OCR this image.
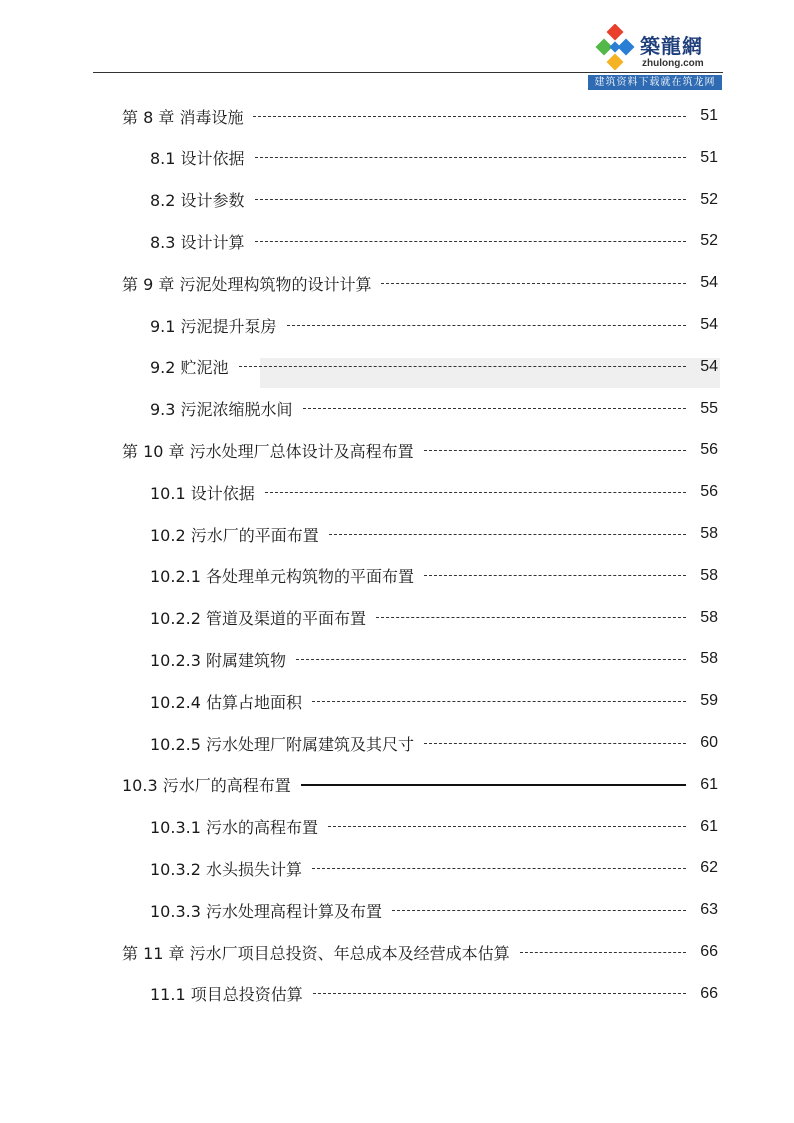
築龍網
zhulong.com
建筑资料下载就在筑龙网
第 8 章 消毒设施	51
8.1 设计依据	51
8.2 设计参数	52
8.3 设计计算	52
第 9 章 污泥处理构筑物的设计计算	54
9.1 污泥提升泵房	54
9.2 贮泥池	54
9.3 污泥浓缩脱水间	55
第 10 章 污水处理厂总体设计及高程布置	56
10.1 设计依据	56
10.2 污水厂的平面布置	58
10.2.1 各处理单元构筑物的平面布置	58
10.2.2 管道及渠道的平面布置	58
10.2.3 附属建筑物	58
10.2.4 估算占地面积	59
10.2.5 污水处理厂附属建筑及其尺寸	60
10.3 污水厂的高程布置	61
10.3.1 污水的高程布置	61
10.3.2 水头损失计算	62
10.3.3 污水处理高程计算及布置	63
第 11 章 污水厂项目总投资、年总成本及经营成本估算	66
11.1 项目总投资估算	66
